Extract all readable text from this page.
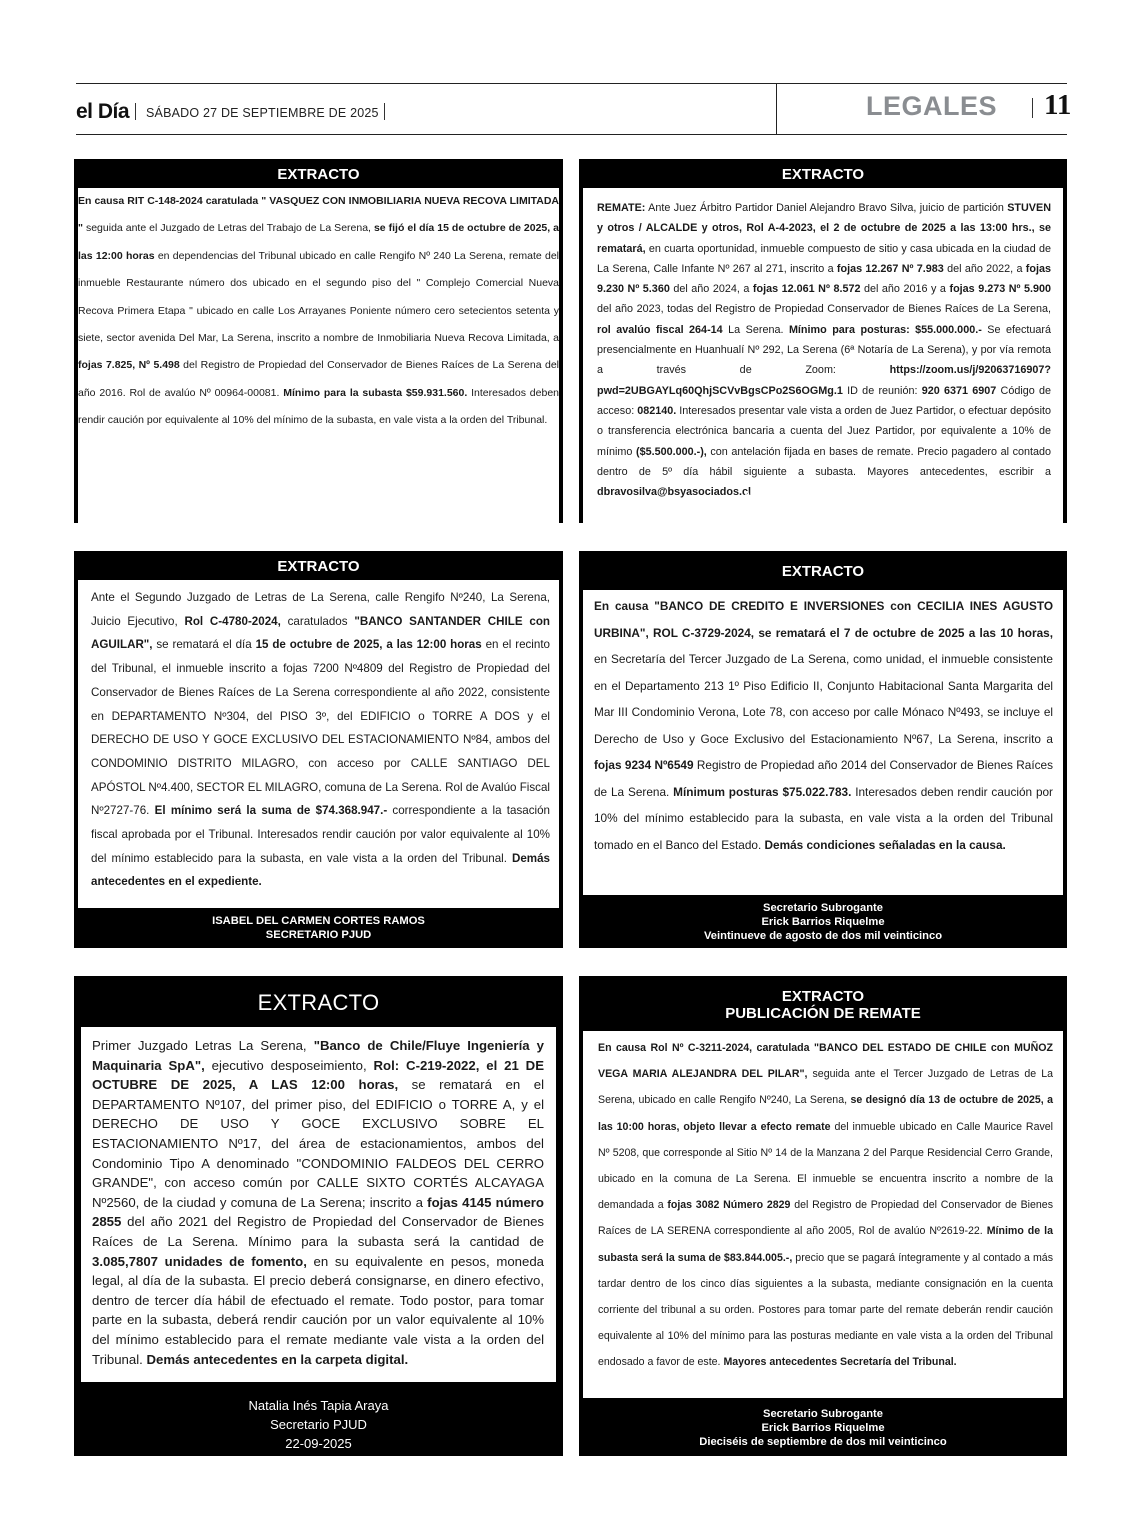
el Día SÁBADO 27 DE SEPTIEMBRE DE 2025	LEGALES 11
EXTRACTO
En causa RIT C-148-2024 caratulada " VASQUEZ CON INMOBILIARIA NUEVA RECOVA LIMITADA " seguida ante el Juzgado de Letras del Trabajo de La Serena, se fijó el día 15 de octubre de 2025, a las 12:00 horas en dependencias del Tribunal ubicado en calle Rengifo Nº 240 La Serena, remate del inmueble Restaurante número dos ubicado en el segundo piso del " Complejo Comercial Nueva Recova Primera Etapa " ubicado en calle Los Arrayanes Poniente número cero setecientos setenta y siete, sector avenida Del Mar, La Serena, inscrito a nombre de Inmobiliaria Nueva Recova Limitada, a fojas 7.825, Nº 5.498 del Registro de Propiedad del Conservador de Bienes Raíces de La Serena del año 2016. Rol de avalúo Nº 00964-00081. Mínimo para la subasta $59.931.560. Interesados deben rendir caución por equivalente al 10% del mínimo de la subasta, en vale vista a la orden del Tribunal.
MARCELO ECHEVERRIA CASTRO
JEFE DE UNIDAD
Uno de septiembre de dos mil veinticinco
EXTRACTO
REMATE: Ante Juez Árbitro Partidor Daniel Alejandro Bravo Silva, juicio de partición STUVEN y otros / ALCALDE y otros, Rol A-4-2023, el 2 de octubre de 2025 a las 13:00 hrs., se rematará, en cuarta oportunidad, inmueble compuesto de sitio y casa ubicada en la ciudad de La Serena, Calle Infante Nº 267 al 271, inscrito a fojas 12.267 Nº 7.983 del año 2022, a fojas 9.230 Nº 5.360 del año 2024, a fojas 12.061 Nº 8.572 del año 2016 y a fojas 9.273 Nº 5.900 del año 2023, todas del Registro de Propiedad Conservador de Bienes Raíces de La Serena, rol avalúo fiscal 264-14 La Serena. Mínimo para posturas: $55.000.000.- Se efectuará presencialmente en Huanhualí Nº 292, La Serena (6ª Notaría de La Serena), y por vía remota a través de Zoom: https://zoom.us/j/92063716907?pwd=2UBGAYLq60QhjSCVvBgsCPo2S6OGMg.1 ID de reunión: 920 6371 6907 Código de acceso: 082140. Interesados presentar vale vista a orden de Juez Partidor, o efectuar depósito o transferencia electrónica bancaria a cuenta del Juez Partidor, por equivalente a 10% de mínimo ($5.500.000.-), con antelación fijada en bases de remate. Precio pagadero al contado dentro de 5º día hábil siguiente a subasta. Mayores antecedentes, escribir a dbravosilva@bsyasociados.cl
Alejandro Tomás Viada Ovalle
26-08-2025
EXTRACTO
Ante el Segundo Juzgado de Letras de La Serena, calle Rengifo Nº240, La Serena, Juicio Ejecutivo, Rol C-4780-2024, caratulados "BANCO SANTANDER CHILE con AGUILAR", se rematará el día 15 de octubre de 2025, a las 12:00 horas en el recinto del Tribunal, el inmueble inscrito a fojas 7200 Nº4809 del Registro de Propiedad del Conservador de Bienes Raíces de La Serena correspondiente al año 2022, consistente en DEPARTAMENTO Nº304, del PISO 3º, del EDIFICIO o TORRE A DOS y el DERECHO DE USO Y GOCE EXCLUSIVO DEL ESTACIONAMIENTO Nº84, ambos del CONDOMINIO DISTRITO MILAGRO, con acceso por CALLE SANTIAGO DEL APÓSTOL Nº4.400, SECTOR EL MILAGRO, comuna de La Serena. Rol de Avalúo Fiscal Nº2727-76. El mínimo será la suma de $74.368.947.- correspondiente a la tasación fiscal aprobada por el Tribunal. Interesados rendir caución por valor equivalente al 10% del mínimo establecido para la subasta, en vale vista a la orden del Tribunal. Demás antecedentes en el expediente.
ISABEL DEL CARMEN CORTES RAMOS
SECRETARIO PJUD
EXTRACTO
En causa "BANCO DE CREDITO E INVERSIONES con CECILIA INES AGUSTO URBINA", ROL C-3729-2024, se rematará el 7 de octubre de 2025 a las 10 horas, en Secretaría del Tercer Juzgado de La Serena, como unidad, el inmueble consistente en el Departamento 213 1º Piso Edificio II, Conjunto Habitacional Santa Margarita del Mar III Condominio Verona, Lote 78, con acceso por calle Mónaco Nº493, se incluye el Derecho de Uso y Goce Exclusivo del Estacionamiento Nº67, La Serena, inscrito a fojas 9234 Nº6549 Registro de Propiedad año 2014 del Conservador de Bienes Raíces de La Serena. Mínimum posturas $75.022.783. Interesados deben rendir caución por 10% del mínimo establecido para la subasta, en vale vista a la orden del Tribunal tomado en el Banco del Estado. Demás condiciones señaladas en la causa.
Secretario Subrogante
Erick Barrios Riquelme
Veintinueve de agosto de dos mil veinticinco
EXTRACTO
Primer Juzgado Letras La Serena, "Banco de Chile/Fluye Ingeniería y Maquinaria SpA", ejecutivo desposeimiento, Rol: C-219-2022, el 21 DE OCTUBRE DE 2025, A LAS 12:00 horas, se rematará en el DEPARTAMENTO Nº107, del primer piso, del EDIFICIO o TORRE A, y el DERECHO DE USO Y GOCE EXCLUSIVO SOBRE EL ESTACIONAMIENTO Nº17, del área de estacionamientos, ambos del Condominio Tipo A denominado "CONDOMINIO FALDEOS DEL CERRO GRANDE", con acceso común por CALLE SIXTO CORTÉS ALCAYAGA Nº2560, de la ciudad y comuna de La Serena; inscrito a fojas 4145 número 2855 del año 2021 del Registro de Propiedad del Conservador de Bienes Raíces de La Serena. Mínimo para la subasta será la cantidad de 3.085,7807 unidades de fomento, en su equivalente en pesos, moneda legal, al día de la subasta. El precio deberá consignarse, en dinero efectivo, dentro de tercer día hábil de efectuado el remate. Todo postor, para tomar parte en la subasta, deberá rendir caución por un valor equivalente al 10% del mínimo establecido para el remate mediante vale vista a la orden del Tribunal. Demás antecedentes en la carpeta digital.
Natalia Inés Tapia Araya
Secretario PJUD
22-09-2025
EXTRACTO
PUBLICACIÓN DE REMATE
En causa Rol Nº C-3211-2024, caratulada "BANCO DEL ESTADO DE CHILE con MUÑOZ VEGA MARIA ALEJANDRA DEL PILAR", seguida ante el Tercer Juzgado de Letras de La Serena, ubicado en calle Rengifo Nº240, La Serena, se designó día 13 de octubre de 2025, a las 10:00 horas, objeto llevar a efecto remate del inmueble ubicado en Calle Maurice Ravel Nº 5208, que corresponde al Sitio Nº 14 de la Manzana 2 del Parque Residencial Cerro Grande, ubicado en la comuna de La Serena. El inmueble se encuentra inscrito a nombre de la demandada a fojas 3082 Número 2829 del Registro de Propiedad del Conservador de Bienes Raíces de LA SERENA correspondiente al año 2005, Rol de avalúo Nº2619-22. Mínimo de la subasta será la suma de $83.844.005.-, precio que se pagará íntegramente y al contado a más tardar dentro de los cinco días siguientes a la subasta, mediante consignación en la cuenta corriente del tribunal a su orden. Postores para tomar parte del remate deberán rendir caución equivalente al 10% del mínimo para las posturas mediante en vale vista a la orden del Tribunal endosado a favor de este. Mayores antecedentes Secretaría del Tribunal.
Secretario Subrogante
Erick Barrios Riquelme
Dieciséis de septiembre de dos mil veinticinco
